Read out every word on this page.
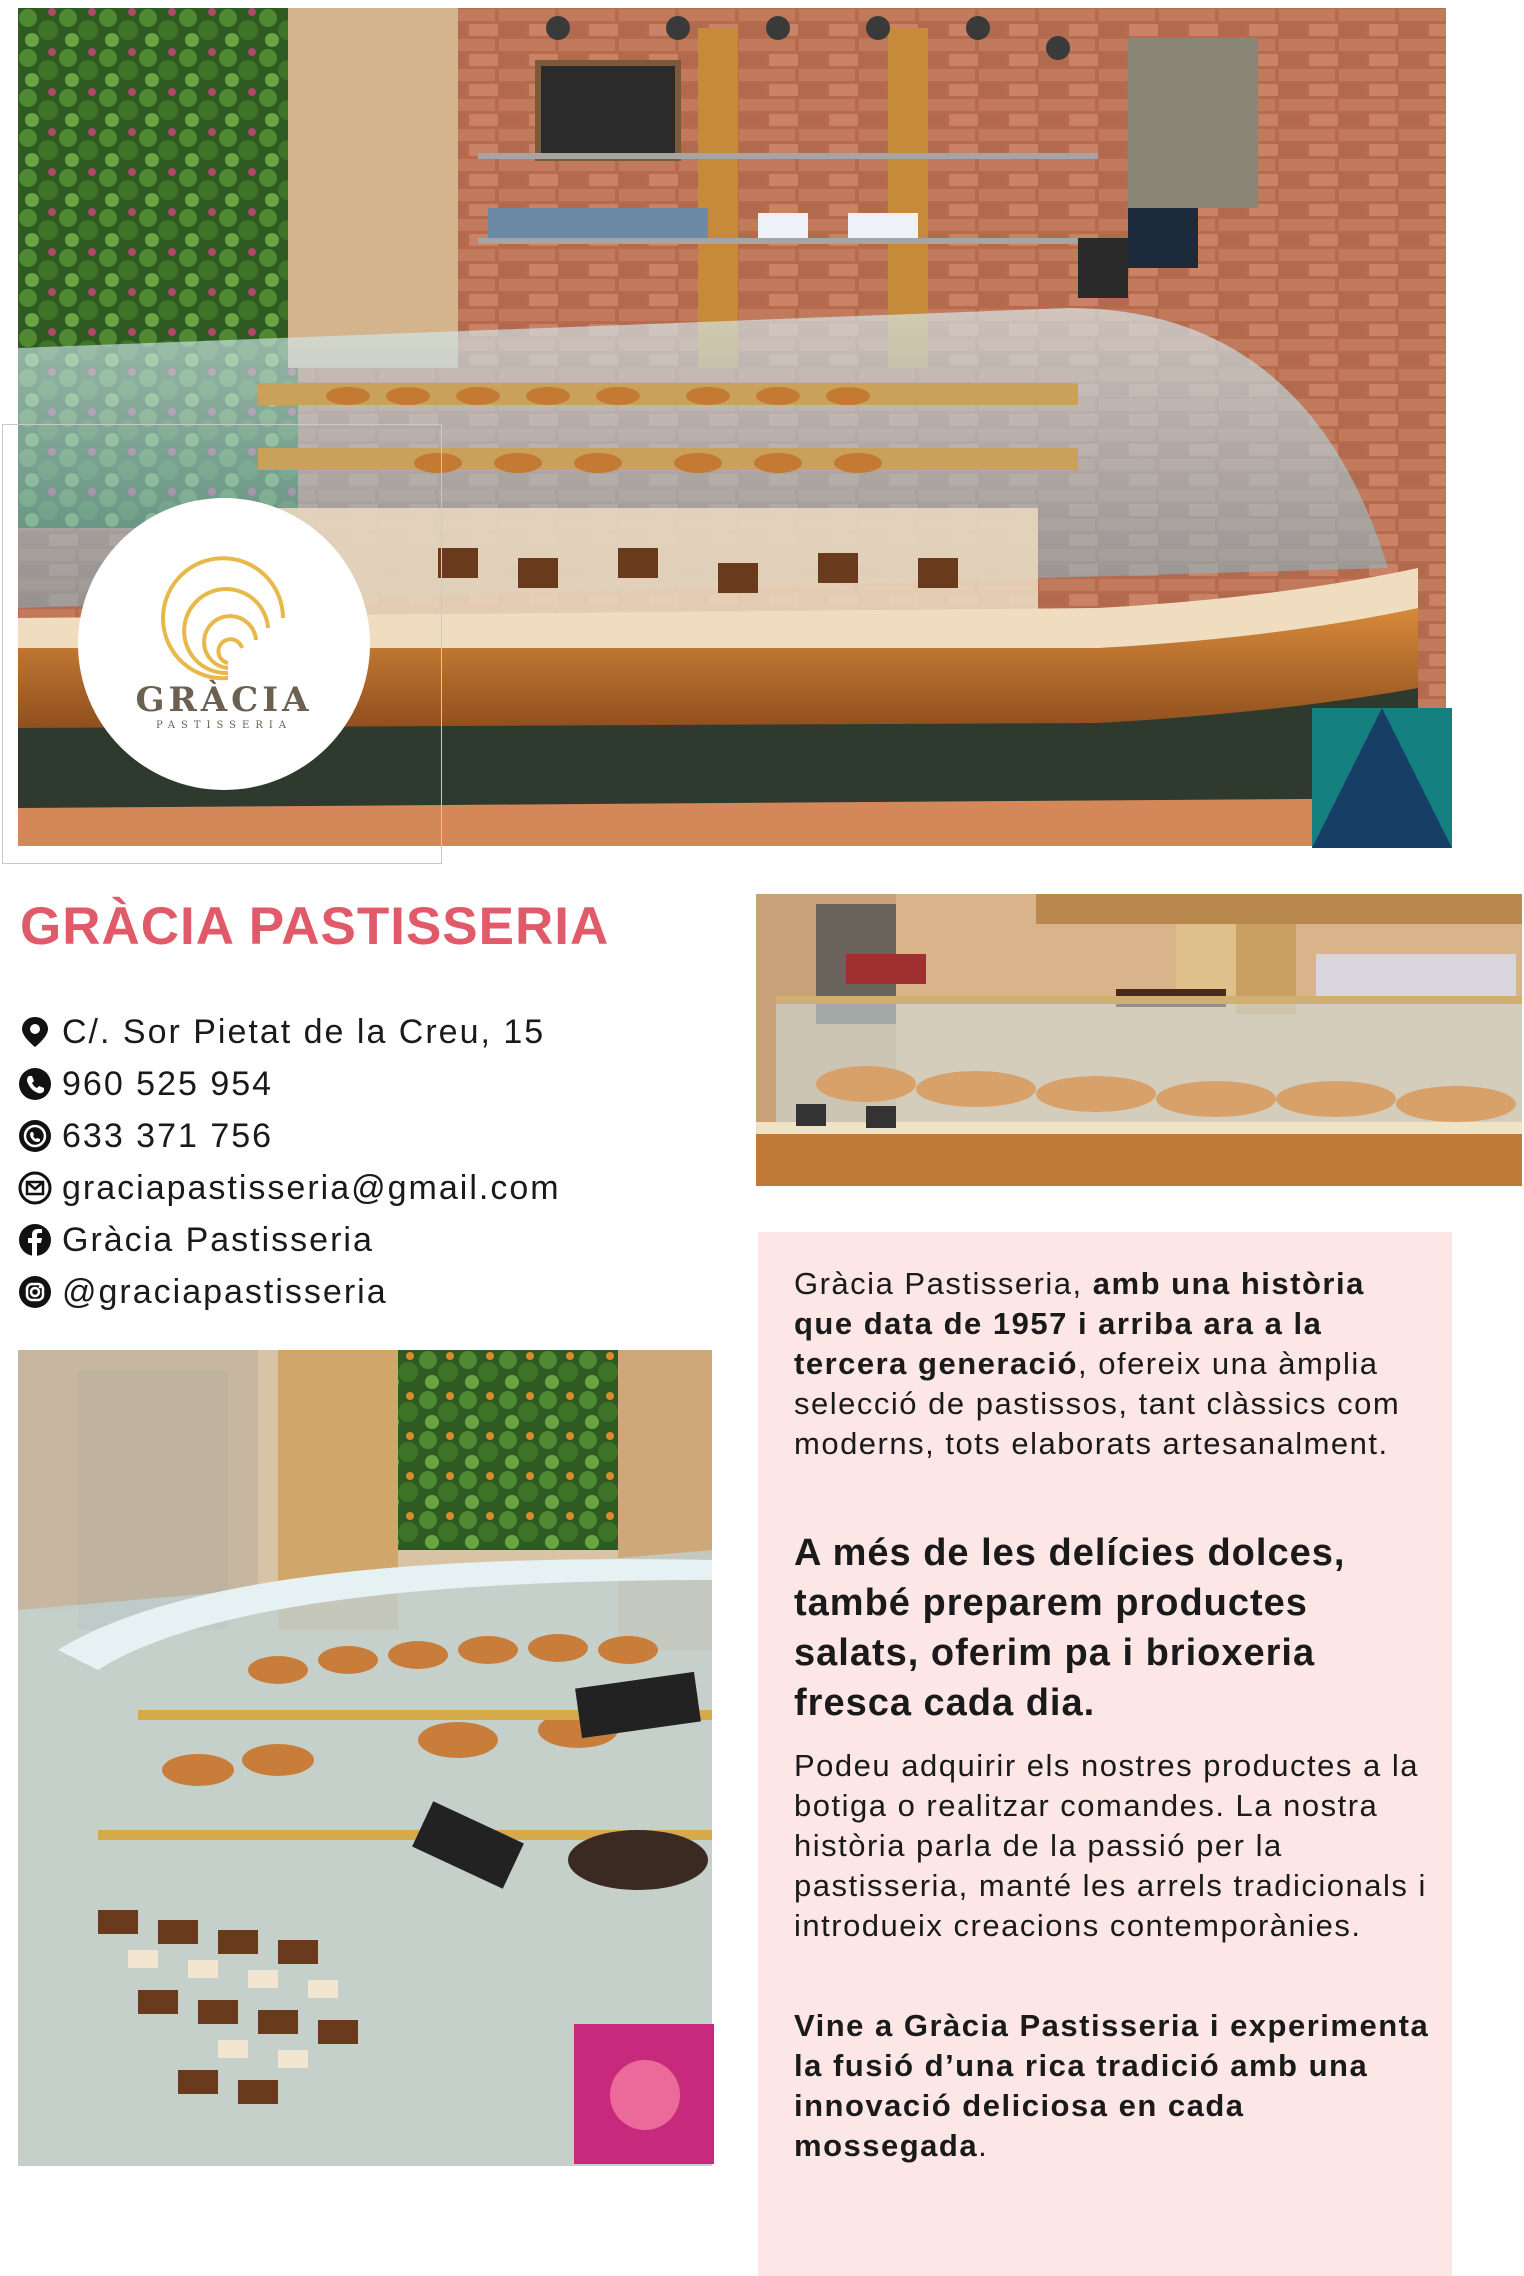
GRÀCIA
PASTISSERIA
GRÀCIA PASTISSERIA
C/. Sor Pietat de la Creu, 15
960 525 954
633 371 756
graciapastisseria@gmail.com
Gràcia Pastisseria
@graciapastisseria	Gràcia Pastisseria, amb una història que data de 1957 i arriba ara a la tercera generació, ofereix una àmplia selecció de pastissos, tant clàssics com moderns, tots elaborats artesanalment.
A més de les delícies dolces, també preparem productes salats, oferim pa i brioxeria fresca cada dia.
Podeu adquirir els nostres productes a la botiga o realitzar comandes. La nostra història parla de la passió per la pastisseria, manté les arrels tradicionals i introdueix creacions contemporànies.
Vine a Gràcia Pastisseria i experimenta la fusió d’una rica tradició amb una innovació deliciosa en cada mossegada.
